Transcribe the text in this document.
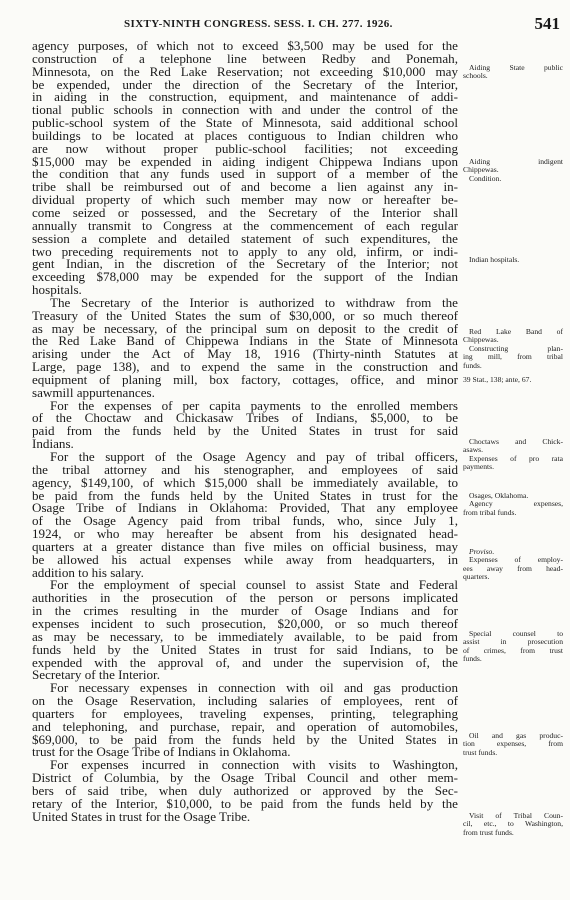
SIXTY-NINTH CONGRESS. SESS. I. CH. 277. 1926.	541
agency purposes, of which not to exceed $3,500 may be used for the
construction of a telephone line between Redby and Ponemah,
Minnesota, on the Red Lake Reservation; not exceeding $10,000 may
be expended, under the direction of the Secretary of the Interior,
in aiding in the construction, equipment, and maintenance of addi-
tional public schools in connection with and under the control of the
public-school system of the State of Minnesota, said additional school
buildings to be located at places contiguous to Indian children who
are now without proper public-school facilities; not exceeding
$15,000 may be expended in aiding indigent Chippewa Indians upon
the condition that any funds used in support of a member of the
tribe shall be reimbursed out of and become a lien against any in-
dividual property of which such member may now or hereafter be-
come seized or possessed, and the Secretary of the Interior shall
annually transmit to Congress at the commencement of each regular
session a complete and detailed statement of such expenditures, the
two preceding requirements not to apply to any old, infirm, or indi-
gent Indian, in the discretion of the Secretary of the Interior; not
exceeding $78,000 may be expended for the support of the Indian
hospitals.
The Secretary of the Interior is authorized to withdraw from the
Treasury of the United States the sum of $30,000, or so much thereof
as may be necessary, of the principal sum on deposit to the credit of
the Red Lake Band of Chippewa Indians in the State of Minnesota
arising under the Act of May 18, 1916 (Thirty-ninth Statutes at
Large, page 138), and to expend the same in the construction and
equipment of planing mill, box factory, cottages, office, and minor
sawmill appurtenances.
For the expenses of per capita payments to the enrolled members
of the Choctaw and Chickasaw Tribes of Indians, $5,000, to be
paid from the funds held by the United States in trust for said
Indians.
For the support of the Osage Agency and pay of tribal officers,
the tribal attorney and his stenographer, and employees of said
agency, $149,100, of which $15,000 shall be immediately available, to
be paid from the funds held by the United States in trust for the
Osage Tribe of Indians in Oklahoma: Provided, That any employee
of the Osage Agency paid from tribal funds, who, since July 1,
1924, or who may hereafter be absent from his designated head-
quarters at a greater distance than five miles on official business, may
be allowed his actual expenses while away from headquarters, in
addition to his salary.
For the employment of special counsel to assist State and Federal
authorities in the prosecution of the person or persons implicated
in the crimes resulting in the murder of Osage Indians and for
expenses incident to such prosecution, $20,000, or so much thereof
as may be necessary, to be immediately available, to be paid from
funds held by the United States in trust for said Indians, to be
expended with the approval of, and under the supervision of, the
Secretary of the Interior.
For necessary expenses in connection with oil and gas production
on the Osage Reservation, including salaries of employees, rent of
quarters for employees, traveling expenses, printing, telegraphing
and telephoning, and purchase, repair, and operation of automobiles,
$69,000, to be paid from the funds held by the United States in
trust for the Osage Tribe of Indians in Oklahoma.
For expenses incurred in connection with visits to Washington,
District of Columbia, by the Osage Tribal Council and other mem-
bers of said tribe, when duly authorized or approved by the Sec-
retary of the Interior, $10,000, to be paid from the funds held by the
United States in trust for the Osage Tribe.
Aiding State public
schools.
Aiding indigent
Chippewas.
Condition.
Indian hospitals.
Red Lake Band of
Chippewas.
Constructing plan-
ing mill, from tribal
funds.
39 Stat., 138; ante, 67.
Choctaws and Chick-
asaws.
Expenses of pro rata
payments.
Osages, Oklahoma.
Agency expenses,
from tribal funds.
Proviso.
Expenses of employ-
ees away from head-
quarters.
Special counsel to
assist in prosecution
of crimes, from trust
funds.
Oil and gas produc-
tion expenses, from
trust funds.
Visit of Tribal Coun-
cil, etc., to Washington,
from trust funds.
